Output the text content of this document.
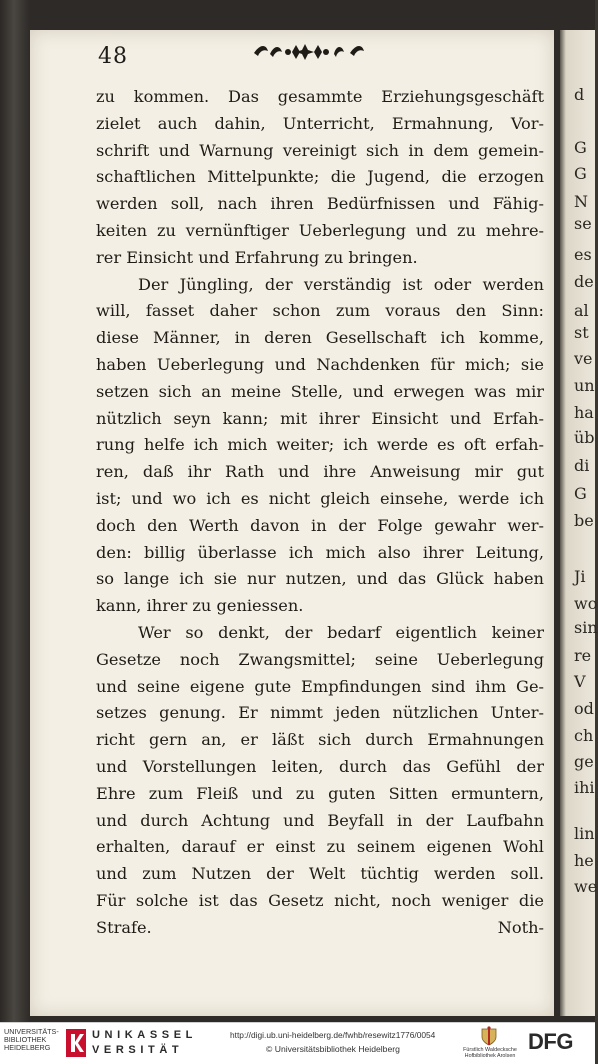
48
zu kommen. Das gesammte Erziehungsgeschäft
zielet auch dahin, Unterricht, Ermahnung, Vor-
schrift und Warnung vereinigt sich in dem gemein-
schaftlichen Mittelpunkte; die Jugend, die erzogen
werden soll, nach ihren Bedürfnissen und Fähig-
keiten zu vernünftiger Ueberlegung und zu mehre-
rer Einsicht und Erfahrung zu bringen.
Der Jüngling, der verständig ist oder werden
will, fasset daher schon zum voraus den Sinn:
diese Männer, in deren Gesellschaft ich komme,
haben Ueberlegung und Nachdenken für mich; sie
setzen sich an meine Stelle, und erwegen was mir
nützlich seyn kann; mit ihrer Einsicht und Erfah-
rung helfe ich mich weiter; ich werde es oft erfah-
ren, daß ihr Rath und ihre Anweisung mir gut
ist; und wo ich es nicht gleich einsehe, werde ich
doch den Werth davon in der Folge gewahr wer-
den: billig überlasse ich mich also ihrer Leitung,
so lange ich sie nur nutzen, und das Glück haben
kann, ihrer zu geniessen.
Wer so denkt, der bedarf eigentlich keiner
Gesetze noch Zwangsmittel; seine Ueberlegung
und seine eigene gute Empfindungen sind ihm Ge-
setzes genung. Er nimmt jeden nützlichen Unter-
richt gern an, er läßt sich durch Ermahnungen
und Vorstellungen leiten, durch das Gefühl der
Ehre zum Fleiß und zu guten Sitten ermuntern,
und durch Achtung und Beyfall in der Laufbahn
erhalten, darauf er einst zu seinem eigenen Wohl
und zum Nutzen der Welt tüchtig werden soll.
Für solche ist das Gesetz nicht, noch weniger die
Strafe.	Noth-
d
G
G
N
se
es
de
al
st
ve
un
ha
üb
di
G
be
Ji
wo
sin
re
V
od
ch
ge
ihi
lin
he
we
UNIVERSITÄTS-
BIBLIOTHEK
HEIDELBERG
UNIKASSEL
VERSITÄT
http://digi.ub.uni-heidelberg.de/fwhb/resewitz1776/0054
© Universitätsbibliothek Heidelberg	Fürstlich Waldecksche
Hofbibliothek Arolsen
DFG
